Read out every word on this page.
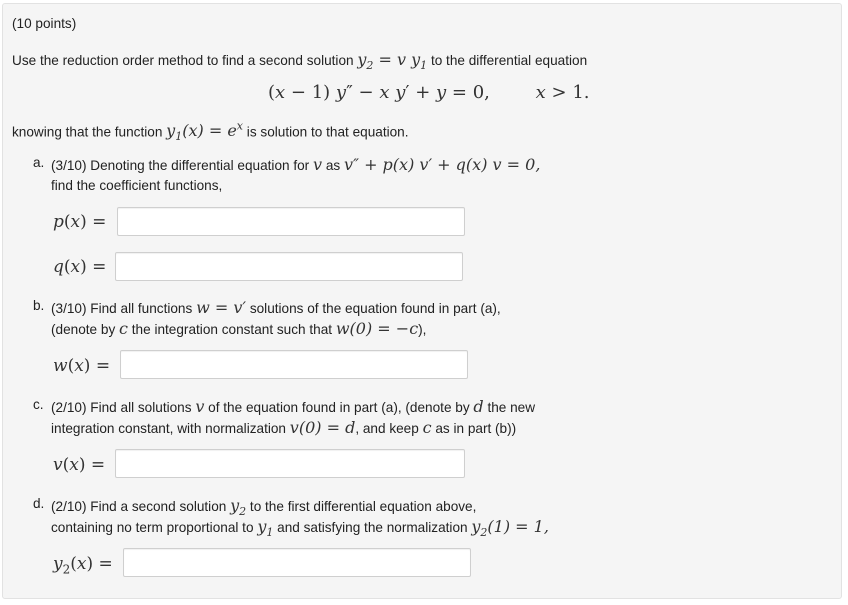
(10 points)
Use the reduction order method to find a second solution $y_2 = v$ $y_1$ to the differential equation
(x − 1) y″ − x y′ + y = 0,        x > 1.
knowing that the function $y_1(x) = e^x$ is solution to that equation.
a. (3/10) Denoting the differential equation for v as v″ + p(x) v′ + q(x) v = 0,
find the coefficient functions,
p(x) =
q(x) =
b. (3/10) Find all functions w = v′ solutions of the equation found in part (a),
(denote by c the integration constant such that w(0) = −c),
w(x) =
c. (2/10) Find all solutions v of the equation found in part (a), (denote by d the new
integration constant, with normalization v(0) = d, and keep c as in part (b))
v(x) =
d. (2/10) Find a second solution $y_2$ to the first differential equation above,
containing no term proportional to $y_1$ and satisfying the normalization $y_2(1) = 1$,
$y_2(x)$ =
